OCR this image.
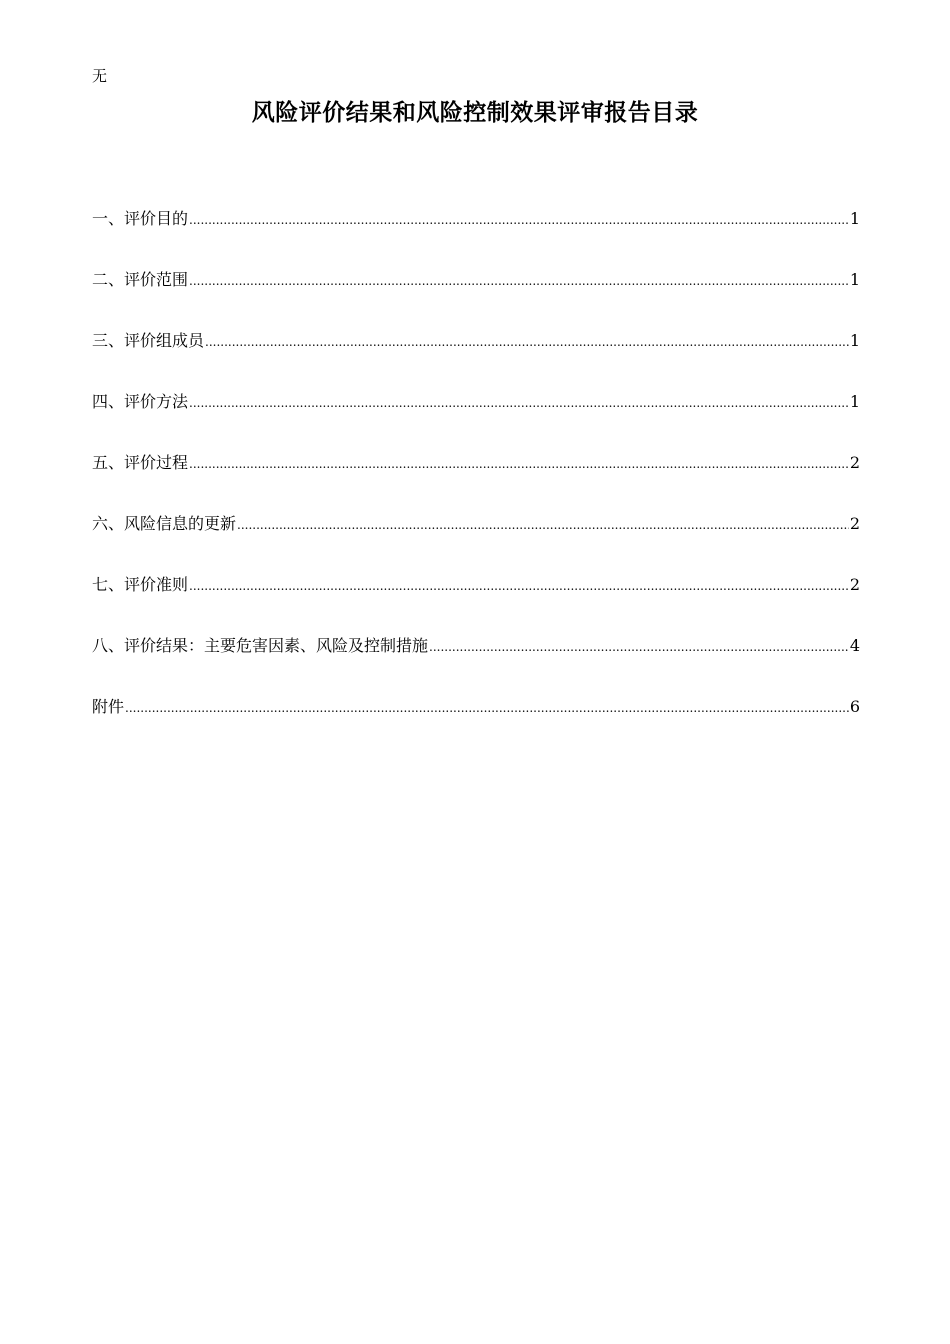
无
风险评价结果和风险控制效果评审报告目录
一、评价目的 .....	1
二、评价范围 .....	1
三、评价组成员 .....	1
四、评价方法 .....	1
五、评价过程 .....	2
六、风险信息的更新 .....	2
七、评价准则 .....	2
八、评价结果：主要危害因素、风险及控制措施 .....	4
附件 .....	6
